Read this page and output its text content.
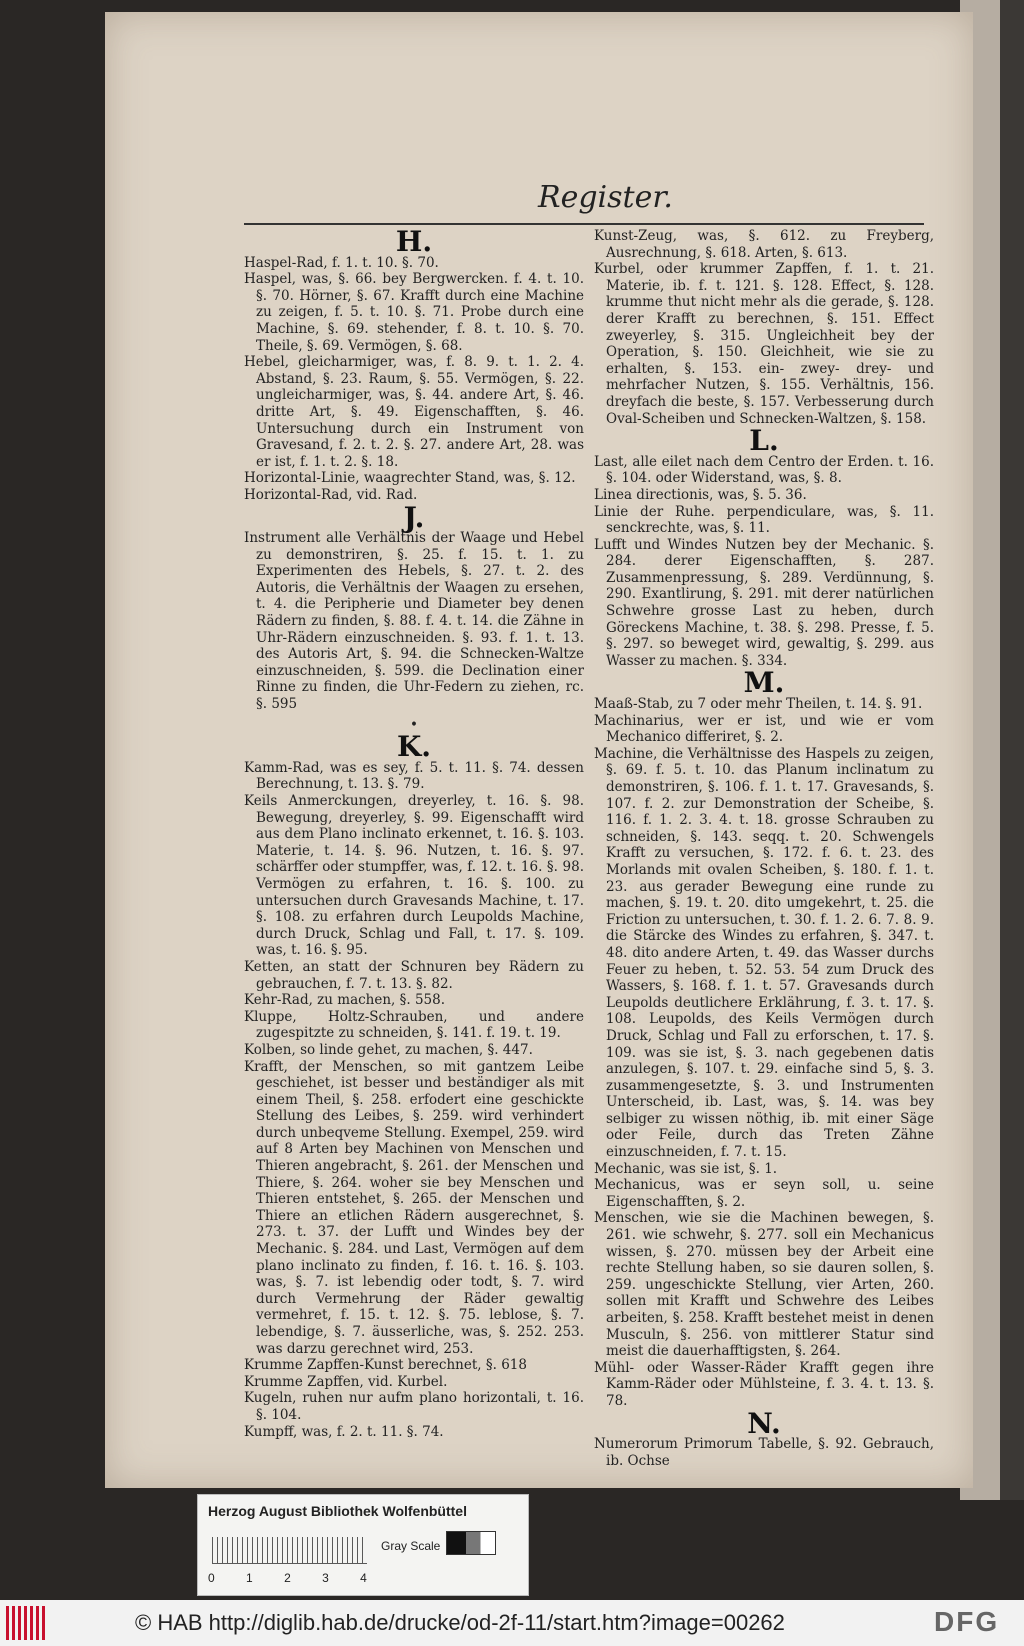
Register.
H.
Haspel-Rad, f. 1. t. 10. §. 70.
Haspel, was, §. 66. bey Bergwercken. f. 4. t. 10. §. 70. Hörner, §. 67. Krafft durch eine Machine zu zeigen, f. 5. t. 10. §. 71. Probe durch eine Machine, §. 69. stehender, f. 8. t. 10. §. 70. Theile, §. 69. Vermögen, §. 68.
Hebel, gleicharmiger, was, f. 8. 9. t. 1. 2. 4. Abstand, §. 23. Raum, §. 55. Vermögen, §. 22. ungleicharmiger, was, §. 44. andere Art, §. 46. dritte Art, §. 49. Eigenschafften, §. 46. Untersuchung durch ein Instrument von Gravesand, f. 2. t. 2. §. 27. andere Art, 28. was er ist, f. 1. t. 2. §. 18.
Horizontal-Linie, waagrechter Stand, was, §. 12.
Horizontal-Rad, vid. Rad.
J.
Instrument alle Verhältnis der Waage und Hebel zu demonstriren, §. 25. f. 15. t. 1. zu Experimenten des Hebels, §. 27. t. 2. des Autoris, die Verhältnis der Waagen zu ersehen, t. 4. die Peripherie und Diameter bey denen Rädern zu finden, §. 88. f. 4. t. 14. die Zähne in Uhr-Rädern einzuschneiden. §. 93. f. 1. t. 13. des Autoris Art, §. 94. die Schnecken-Waltze einzuschneiden, §. 599. die Declination einer Rinne zu finden, die Uhr-Federn zu ziehen, rc. §. 595
•
K.
Kamm-Rad, was es sey, f. 5. t. 11. §. 74. dessen Berechnung, t. 13. §. 79.
Keils Anmerckungen, dreyerley, t. 16. §. 98. Bewegung, dreyerley, §. 99. Eigenschafft wird aus dem Plano inclinato erkennet, t. 16. §. 103. Materie, t. 14. §. 96. Nutzen, t. 16. §. 97. schärffer oder stumpffer, was, f. 12. t. 16. §. 98. Vermögen zu erfahren, t. 16. §. 100. zu untersuchen durch Gravesands Machine, t. 17. §. 108. zu erfahren durch Leupolds Machine, durch Druck, Schlag und Fall, t. 17. §. 109. was, t. 16. §. 95.
Ketten, an statt der Schnuren bey Rädern zu gebrauchen, f. 7. t. 13. §. 82.
Kehr-Rad, zu machen, §. 558.
Kluppe, Holtz-Schrauben, und andere zugespitzte zu schneiden, §. 141. f. 19. t. 19.
Kolben, so linde gehet, zu machen, §. 447.
Krafft, der Menschen, so mit gantzem Leibe geschiehet, ist besser und beständiger als mit einem Theil, §. 258. erfodert eine geschickte Stellung des Leibes, §. 259. wird verhindert durch unbeqveme Stellung. Exempel, 259. wird auf 8 Arten bey Machinen von Menschen und Thieren angebracht, §. 261. der Menschen und Thiere, §. 264. woher sie bey Menschen und Thieren entstehet, §. 265. der Menschen und Thiere an etlichen Rädern ausgerechnet, §. 273. t. 37. der Lufft und Windes bey der Mechanic. §. 284. und Last, Vermögen auf dem plano inclinato zu finden, f. 16. t. 16. §. 103. was, §. 7. ist lebendig oder todt, §. 7. wird durch Vermehrung der Räder gewaltig vermehret, f. 15. t. 12. §. 75. leblose, §. 7. lebendige, §. 7. äusserliche, was, §. 252. 253. was darzu gerechnet wird, 253.
Krumme Zapffen-Kunst berechnet, §. 618
Krumme Zapffen, vid. Kurbel.
Kugeln, ruhen nur aufm plano horizontali, t. 16. §. 104.
Kumpff, was, f. 2. t. 11. §. 74.
Kunst-Zeug, was, §. 612. zu Freyberg, Ausrechnung, §. 618. Arten, §. 613.
Kurbel, oder krummer Zapffen, f. 1. t. 21. Materie, ib. f. t. 121. §. 128. Effect, §. 128. krumme thut nicht mehr als die gerade, §. 128. derer Krafft zu berechnen, §. 151. Effect zweyerley, §. 315. Ungleichheit bey der Operation, §. 150. Gleichheit, wie sie zu erhalten, §. 153. ein- zwey- drey- und mehrfacher Nutzen, §. 155. Verhältnis, 156. dreyfach die beste, §. 157. Verbesserung durch Oval-Scheiben und Schnecken-Waltzen, §. 158.
L.
Last, alle eilet nach dem Centro der Erden. t. 16. §. 104. oder Widerstand, was, §. 8.
Linea directionis, was, §. 5. 36.
Linie der Ruhe. perpendiculare, was, §. 11. senckrechte, was, §. 11.
Lufft und Windes Nutzen bey der Mechanic. §. 284. derer Eigenschafften, §. 287. Zusammenpressung, §. 289. Verdünnung, §. 290. Exantlirung, §. 291. mit derer natürlichen Schwehre grosse Last zu heben, durch Göreckens Machine, t. 38. §. 298. Presse, f. 5. §. 297. so beweget wird, gewaltig, §. 299. aus Wasser zu machen. §. 334.
M.
Maaß-Stab, zu 7 oder mehr Theilen, t. 14. §. 91.
Machinarius, wer er ist, und wie er vom Mechanico differiret, §. 2.
Machine, die Verhältnisse des Haspels zu zeigen, §. 69. f. 5. t. 10. das Planum inclinatum zu demonstriren, §. 106. f. 1. t. 17. Gravesands, §. 107. f. 2. zur Demonstration der Scheibe, §. 116. f. 1. 2. 3. 4. t. 18. grosse Schrauben zu schneiden, §. 143. seqq. t. 20. Schwengels Krafft zu versuchen, §. 172. f. 6. t. 23. des Morlands mit ovalen Scheiben, §. 180. f. 1. t. 23. aus gerader Bewegung eine runde zu machen, §. 19. t. 20. dito umgekehrt, t. 25. die Friction zu untersuchen, t. 30. f. 1. 2. 6. 7. 8. 9. die Stärcke des Windes zu erfahren, §. 347. t. 48. dito andere Arten, t. 49. das Wasser durchs Feuer zu heben, t. 52. 53. 54 zum Druck des Wassers, §. 168. f. 1. t. 57. Gravesands durch Leupolds deutlichere Erklährung, f. 3. t. 17. §. 108. Leupolds, des Keils Vermögen durch Druck, Schlag und Fall zu erforschen, t. 17. §. 109. was sie ist, §. 3. nach gegebenen datis anzulegen, §. 107. t. 29. einfache sind 5, §. 3. zusammengesetzte, §. 3. und Instrumenten Unterscheid, ib. Last, was, §. 14. was bey selbiger zu wissen nöthig, ib. mit einer Säge oder Feile, durch das Treten Zähne einzuschneiden, f. 7. t. 15.
Mechanic, was sie ist, §. 1.
Mechanicus, was er seyn soll, u. seine Eigenschafften, §. 2.
Menschen, wie sie die Machinen bewegen, §. 261. wie schwehr, §. 277. soll ein Mechanicus wissen, §. 270. müssen bey der Arbeit eine rechte Stellung haben, so sie dauren sollen, §. 259. ungeschickte Stellung, vier Arten, 260. sollen mit Krafft und Schwehre des Leibes arbeiten, §. 258. Krafft bestehet meist in denen Musculn, §. 256. von mittlerer Statur sind meist die dauerhafftigsten, §. 264.
Mühl- oder Wasser-Räder Krafft gegen ihre Kamm-Räder oder Mühlsteine, f. 3. 4. t. 13. §. 78.
N.
Numerorum Primorum Tabelle, §. 92. Gebrauch, ib. Ochse
Herzog August Bibliothek Wolfenbüttel
0 1 2 3 4
Gray Scale
© HAB http://diglib.hab.de/drucke/od-2f-11/start.htm?image=00262	DFG
